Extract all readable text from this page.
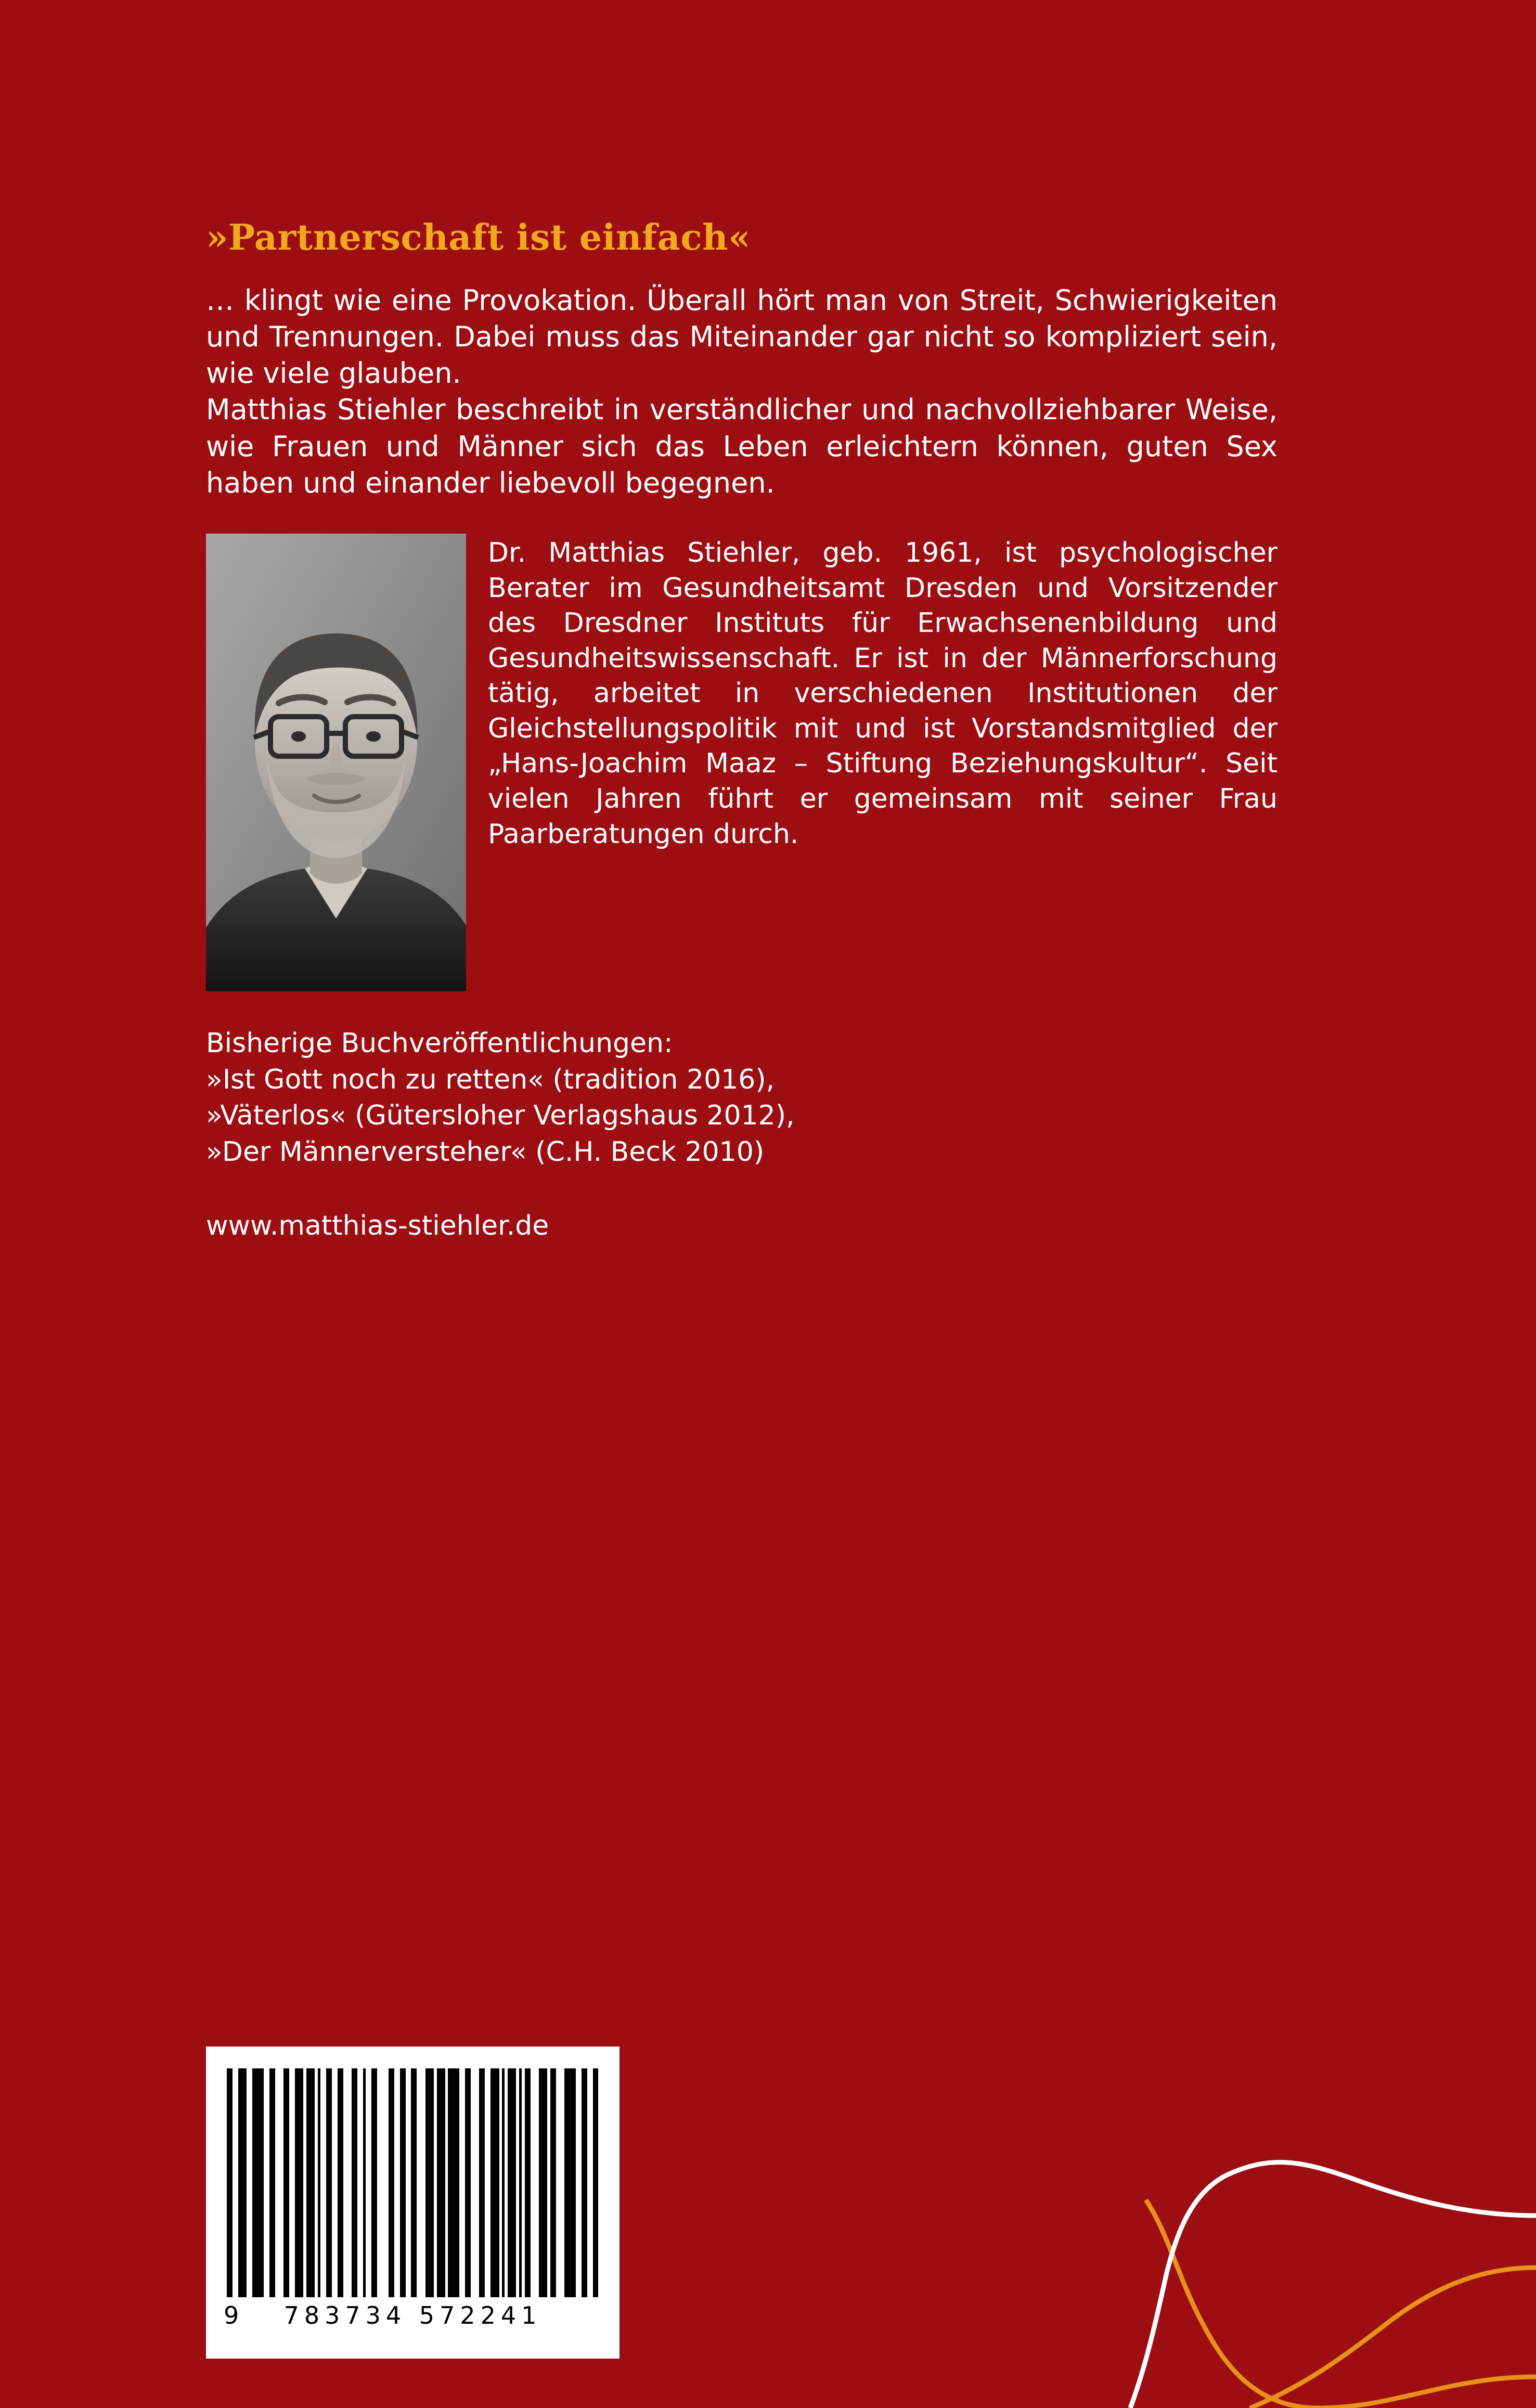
»Partnerschaft ist einfach«

… klingt wie eine Provokation. Überall hört man von Streit, Schwierigkeiten und Trennungen. Dabei muss das Miteinander gar nicht so kompliziert sein, wie viele glauben.

Matthias Stiehler beschreibt in verständlicher und nachvollziehbarer Weise, wie Frauen und Männer sich das Leben erleichtern können, guten Sex haben und einander liebevoll begegnen.

Dr. Matthias Stiehler, geb. 1961, ist psychologischer Berater im Gesundheitsamt Dresden und Vorsitzender des Dresdner Instituts für Erwachsenenbildung und Gesundheitswissenschaft. Er ist in der Männerforschung tätig, arbeitet in verschiedenen Institutionen der Gleichstellungspolitik mit und ist Vorstandsmitglied der „Hans-Joachim Maaz – Stiftung Beziehungskultur“. Seit vielen Jahren führt er gemeinsam mit seiner Frau Paarberatungen durch.
Bisherige Buchveröffentlichungen:
»Ist Gott noch zu retten« (tradition 2016),
»Väterlos« (Gütersloher Verlagshaus 2012),
»Der Männerversteher« (C.H. Beck 2010)
www.matthias-stiehler.de
9 783734 572241
